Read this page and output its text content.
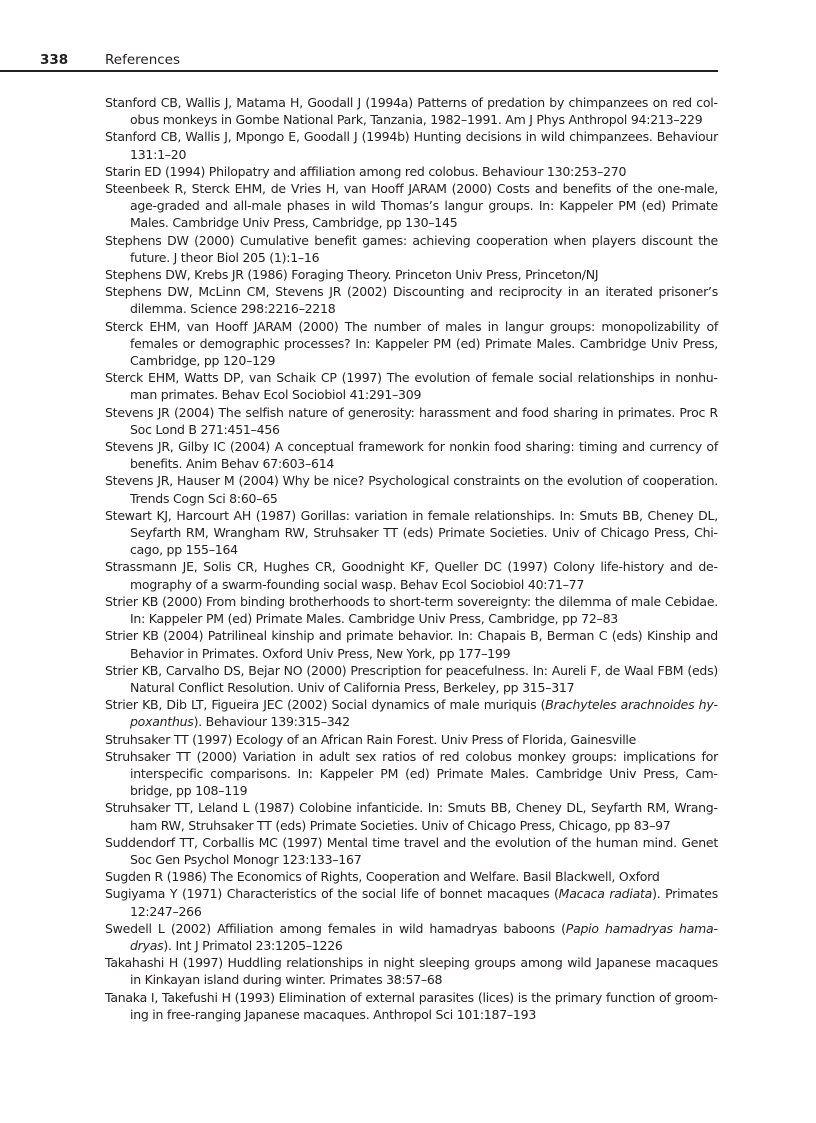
338	References
Stanford CB, Wallis J, Matama H, Goodall J (1994a) Patterns of predation by chimpanzees on red colobus monkeys in Gombe National Park, Tanzania, 1982–1991. Am J Phys Anthropol 94:213–229
Stanford CB, Wallis J, Mpongo E, Goodall J (1994b) Hunting decisions in wild chimpanzees. Behaviour 131:1–20
Starin ED (1994) Philopatry and affiliation among red colobus. Behaviour 130:253–270
Steenbeek R, Sterck EHM, de Vries H, van Hooff JARAM (2000) Costs and benefits of the one-male, age-graded and all-male phases in wild Thomas’s langur groups. In: Kappeler PM (ed) Primate Males. Cambridge Univ Press, Cambridge, pp 130–145
Stephens DW (2000) Cumulative benefit games: achieving cooperation when players discount the future. J theor Biol 205 (1):1–16
Stephens DW, Krebs JR (1986) Foraging Theory. Princeton Univ Press, Princeton/NJ
Stephens DW, McLinn CM, Stevens JR (2002) Discounting and reciprocity in an iterated prisoner’s dilemma. Science 298:2216–2218
Sterck EHM, van Hooff JARAM (2000) The number of males in langur groups: monopolizability of females or demographic processes? In: Kappeler PM (ed) Primate Males. Cambridge Univ Press, Cambridge, pp 120–129
Sterck EHM, Watts DP, van Schaik CP (1997) The evolution of female social relationships in nonhuman primates. Behav Ecol Sociobiol 41:291–309
Stevens JR (2004) The selfish nature of generosity: harassment and food sharing in primates. Proc R Soc Lond B 271:451–456
Stevens JR, Gilby IC (2004) A conceptual framework for nonkin food sharing: timing and currency of benefits. Anim Behav 67:603–614
Stevens JR, Hauser M (2004) Why be nice? Psychological constraints on the evolution of cooperation. Trends Cogn Sci 8:60–65
Stewart KJ, Harcourt AH (1987) Gorillas: variation in female relationships. In: Smuts BB, Cheney DL, Seyfarth RM, Wrangham RW, Struhsaker TT (eds) Primate Societies. Univ of Chicago Press, Chicago, pp 155–164
Strassmann JE, Solis CR, Hughes CR, Goodnight KF, Queller DC (1997) Colony life-history and demography of a swarm-founding social wasp. Behav Ecol Sociobiol 40:71–77
Strier KB (2000) From binding brotherhoods to short-term sovereignty: the dilemma of male Cebidae. In: Kappeler PM (ed) Primate Males. Cambridge Univ Press, Cambridge, pp 72–83
Strier KB (2004) Patrilineal kinship and primate behavior. In: Chapais B, Berman C (eds) Kinship and Behavior in Primates. Oxford Univ Press, New York, pp 177–199
Strier KB, Carvalho DS, Bejar NO (2000) Prescription for peacefulness. In: Aureli F, de Waal FBM (eds) Natural Conflict Resolution. Univ of California Press, Berkeley, pp 315–317
Strier KB, Dib LT, Figueira JEC (2002) Social dynamics of male muriquis (Brachyteles arachnoides hypoxanthus). Behaviour 139:315–342
Struhsaker TT (1997) Ecology of an African Rain Forest. Univ Press of Florida, Gainesville
Struhsaker TT (2000) Variation in adult sex ratios of red colobus monkey groups: implications for interspecific comparisons. In: Kappeler PM (ed) Primate Males. Cambridge Univ Press, Cambridge, pp 108–119
Struhsaker TT, Leland L (1987) Colobine infanticide. In: Smuts BB, Cheney DL, Seyfarth RM, Wrangham RW, Struhsaker TT (eds) Primate Societies. Univ of Chicago Press, Chicago, pp 83–97
Suddendorf TT, Corballis MC (1997) Mental time travel and the evolution of the human mind. Genet Soc Gen Psychol Monogr 123:133–167
Sugden R (1986) The Economics of Rights, Cooperation and Welfare. Basil Blackwell, Oxford
Sugiyama Y (1971) Characteristics of the social life of bonnet macaques (Macaca radiata). Primates 12:247–266
Swedell L (2002) Affiliation among females in wild hamadryas baboons (Papio hamadryas hamadryas). Int J Primatol 23:1205–1226
Takahashi H (1997) Huddling relationships in night sleeping groups among wild Japanese macaques in Kinkayan island during winter. Primates 38:57–68
Tanaka I, Takefushi H (1993) Elimination of external parasites (lices) is the primary function of grooming in free-ranging Japanese macaques. Anthropol Sci 101:187–193
